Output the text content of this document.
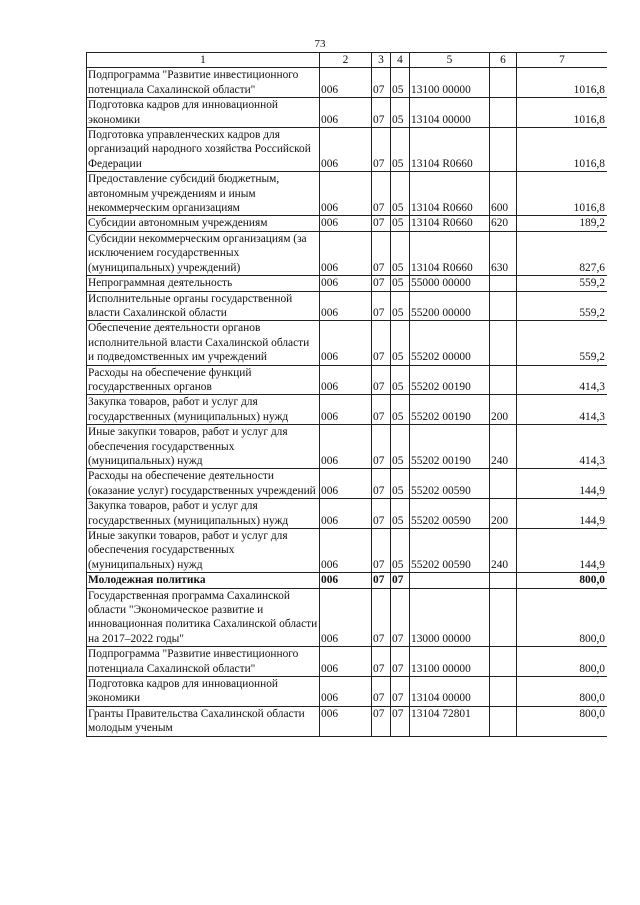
73
1	2	3	4	5	6	7
Подпрограмма "Развитие инвестиционного потенциала Сахалинской области"	006	07	05	13100 00000		1016,8
Подготовка кадров для инновационной экономики	006	07	05	13104 00000		1016,8
Подготовка управленческих кадров для организаций народного хозяйства Российской Федерации	006	07	05	13104 R0660		1016,8
Предоставление субсидий бюджетным, автономным учреждениям и иным некоммерческим организациям	006	07	05	13104 R0660	600	1016,8
Субсидии автономным учреждениям	006	07	05	13104 R0660	620	189,2
Субсидии некоммерческим организациям (за исключением государственных (муниципальных) учреждений)	006	07	05	13104 R0660	630	827,6
Непрограммная деятельность	006	07	05	55000 00000		559,2
Исполнительные органы государственной власти Сахалинской области	006	07	05	55200 00000		559,2
Обеспечение деятельности органов исполнительной власти Сахалинской области и подведомственных им учреждений	006	07	05	55202 00000		559,2
Расходы на обеспечение функций государственных органов	006	07	05	55202 00190		414,3
Закупка товаров, работ и услуг для государственных (муниципальных) нужд	006	07	05	55202 00190	200	414,3
Иные закупки товаров, работ и услуг для обеспечения государственных (муниципальных) нужд	006	07	05	55202 00190	240	414,3
Расходы на обеспечение деятельности (оказание услуг) государственных учреждений	006	07	05	55202 00590		144,9
Закупка товаров, работ и услуг для государственных (муниципальных) нужд	006	07	05	55202 00590	200	144,9
Иные закупки товаров, работ и услуг для обеспечения государственных (муниципальных) нужд	006	07	05	55202 00590	240	144,9
Молодежная политика	006	07	07			800,0
Государственная программа Сахалинской области "Экономическое развитие и инновационная политика Сахалинской области на 2017–2022 годы"	006	07	07	13000 00000		800,0
Подпрограмма "Развитие инвестиционного потенциала Сахалинской области"	006	07	07	13100 00000		800,0
Подготовка кадров для инновационной экономики	006	07	07	13104 00000		800,0
Гранты Правительства Сахалинской области молодым ученым	006	07	07	13104 72801		800,0
